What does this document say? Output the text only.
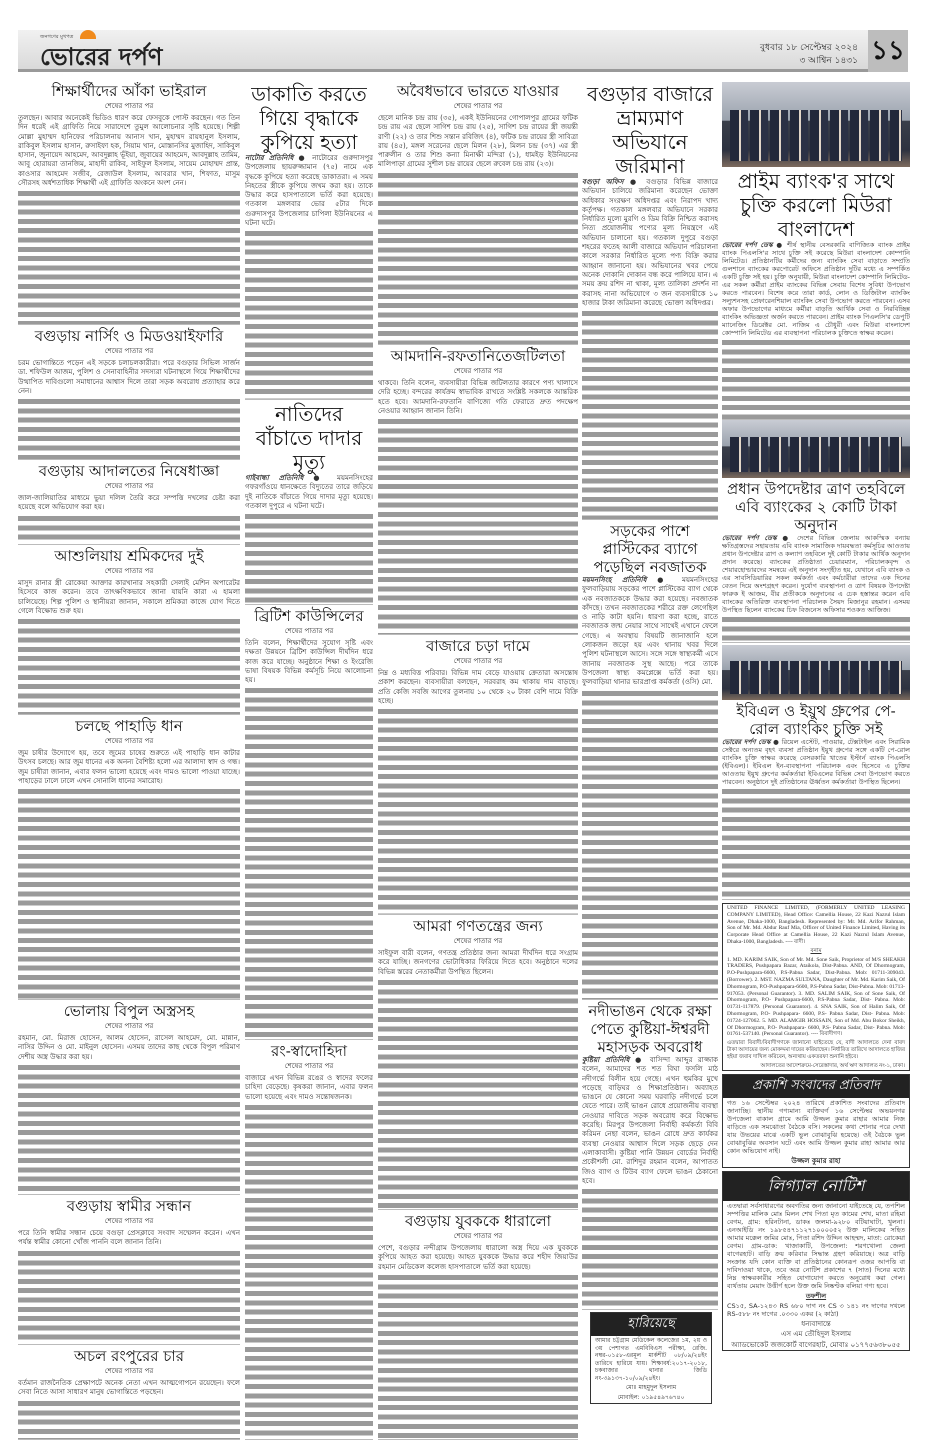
জনগণের মুখপত্র
ভোরের দর্পণ	বুধবার ১৮ সেপ্টেম্বর ২০২৪
৩ আশ্বিন ১৪৩১ ১১
শিক্ষার্থীদের আঁকা ভাইরাল
শেষের পাতার পর

তুলছেন। আবার অনেকেই ভিডিও ধারণ করে ফেসবুকে পোস্ট করছেন। গত তিন দিন ধরেই এই গ্রাফিতি নিয়ে সারাদেশে তুমুল আলোচনার সৃষ্টি হয়েছে। শিল্পী মোল্লা মুহাম্মদ হানিফের পরিচালনায় আনাস খান, মুহাম্মদ রায়হানুল ইসলাম, রাকিবুল ইসলাম হাসান, রুসাইফা হক, সিয়াম খান, মোস্তানসির মুজাহিদ, সাকিবুল হাসান, জুনায়েদ আহমেদ, আবদুল্লাহ ভূঁইয়া, জুবায়ের আহমেদ, আবদুল্লাহ তামিম, আবু হোরায়রা তানজিম, মাহাদী রাকিব, সাইফুল ইসলাম, সায়েম মোহাম্মদ প্রান্ত, কাওসার আহমেদ সজীব, রেজাউল ইসলাম, আবরার খান, শিফাত, মাসুম সৌরসহ অর্ধশতাধিক শিক্ষার্থী এই গ্রাফিতি অংকনে অংশ নেন।

বগুড়ায় নার্সিং ও মিডওয়াইফারি
শেষের পাতার পর

চরম ভোগান্তিতে পড়েন এই সড়কে চলাচলকারীরা। পরে বগুড়ার সিভিল সার্জন ডা. শফিউল আজম, পুলিশ ও সেনাবাহিনীর সদস্যরা ঘটনাস্থলে গিয়ে শিক্ষার্থীদের উত্থাপিত দাবিগুলো সমাধানের আশ্বাস দিলে তারা সড়ক অবরোধ প্রত্যাহার করে নেন।

বগুড়ায় আদালতের নিষেধাজ্ঞা
শেষের পাতার পর

জাল-জালিয়াতির মাধ্যমে ভুয়া দলিল তৈরি করে সম্পত্তি দখলের চেষ্টা করা হয়েছে বলে অভিযোগ করা হয়।

আশুলিয়ায় শ্রমিকদের দুই
শেষের পাতার পর

মাসুদ রানার স্ত্রী রোকেয়া আক্তার কারখানার সহকারী সেলাই মেশিন অপারেটর হিসেবে কাজ করেন। তবে তাৎক্ষণিকভাবে জানা যায়নি কারা এ হামলা চালিয়েছে। শিল্প পুলিশ ও স্থানীয়রা জানান, সকালে শ্রমিকরা কাজে যোগ দিতে গেলে বিক্ষোভ শুরু হয়।

চলছে পাহাড়ি ধান
শেষের পাতার পর

জুম চাষীর উদ্যোগে হয়, তবে জুমের চাষের শুরুতে এই পাহাড়ি ধান কাটার উৎসব চলছে। আর জুম ধানের এক অনন্য বৈশিষ্ট্য হলো এর আলাদা স্বাদ ও গন্ধ। জুম চাষীরা জানান, এবার ফলন ভালো হয়েছে এবং দামও ভালো পাওয়া যাচ্ছে। পাহাড়ের ঢালে ঢালে এখন সোনালি ধানের সমারোহ।

ভোলায় বিপুল অস্ত্রসহ
শেষের পাতার পর

রহমান, মো. মিরাজ হোসেন, আলম হোসেন, রাসেল আহমেদ, মো. মান্নান, নাসির উদ্দিন ও মো. মাইনুল হোসেন। এসময় তাদের কাছ থেকে বিপুল পরিমাণ দেশীয় অস্ত্র উদ্ধার করা হয়।

বগুড়ায় স্বামীর সন্ধান
শেষের পাতার পর

পরে তিনি স্বামীর সন্ধান চেয়ে বগুড়া প্রেসক্লাবে সংবাদ সম্মেলন করেন। এখন পর্যন্ত স্বামীর কোনো খোঁজ পাননি বলে জানান তিনি।

অচল রংপুরের চার
শেষের পাতার পর

বর্তমান রাজনৈতিক প্রেক্ষাপটে অনেক নেতা এখন আত্মগোপনে রয়েছেন। ফলে সেবা নিতে আসা সাধারণ মানুষ ভোগান্তিতে পড়ছেন।

ডাকাতি করতে গিয়ে বৃদ্ধাকে কুপিয়ে হত্যা

নাটোর প্রতিনিধি ● নাটোরের গুরুদাসপুর উপজেলায় ছায়রুজ্জামান (৭৫) নামে এক বৃদ্ধকে কুপিয়ে হত্যা করেছে ডাকাতরা। এ সময় নিহতের স্ত্রীকে কুপিয়ে জখম করা হয়। তাকে উদ্ধার করে হাসপাতালে ভর্তি করা হয়েছে। গতকাল মঙ্গলবার ভোর ৫টার দিকে গুরুদাসপুর উপজেলার চাপিলা ইউনিয়নের এ ঘটনা ঘটে।

নাতিদের বাঁচাতে দাদার মৃত্যু

গাইবান্ধা প্রতিনিধি ● ময়মনসিংহের গফরগাঁওয়ে ধানক্ষেতে বিদ্যুতের তারে জড়িয়ে দুই নাতিকে বাঁচাতে গিয়ে দাদার মৃত্যু হয়েছে। গতকাল দুপুরে এ ঘটনা ঘটে।

ব্রিটিশ কাউন্সিলের
শেষের পাতার পর

তিনি বলেন, শিক্ষার্থীদের সুযোগ সৃষ্টি এবং দক্ষতা উন্নয়নে ব্রিটিশ কাউন্সিল দীর্ঘদিন ধরে কাজ করে যাচ্ছে। অনুষ্ঠানে শিক্ষা ও ইংরেজি ভাষা বিষয়ক বিভিন্ন কর্মসূচি নিয়ে আলোচনা হয়।

রং-স্বাদোহিদা
শেষের পাতার পর

বাজারে এখন বিভিন্ন রঙের ও স্বাদের ফলের চাহিদা বেড়েছে। কৃষকরা জানান, এবার ফলন ভালো হয়েছে এবং দামও সন্তোষজনক।

অবৈধভাবে ভারতে যাওয়ার
শেষের পাতার পর

ছেলে মানিক চন্দ্র রায় (৩৫), একই ইউনিয়নের গোপালপুর গ্রামের ফটিক চন্দ্র রায় এর ছেলে সাগিশ চন্দ্র রায় (২৫), সাগিশ চন্দ্র রায়ের স্ত্রী জয়ন্তী রাণী (২২) ও তার শিশু সন্তান রবিজিৎ (৪), ফটিক চন্দ্র রায়ের স্ত্রী সাবিত্রা রায় (৪৫), মঙ্গল সরেনের ছেলে মিলন (২৮), মিলন চন্দ্র (৩৭) এর স্ত্রী পারুলীন ও তার শিশু কন্যা মিনাক্ষী মন্দিরা (১), ধামইড় ইউনিয়নের মালিপাড়া গ্রামের সুশীল চন্দ্র রায়ের ছেলে রুবেল চন্দ্র রায় (২৩)।

আমদানি-রফতানিতেজটিলতা
শেষের পাতার পর

থাকবে। তিনি বলেন, ব্যবসায়ীরা বিভিন্ন জটিলতার কারণে পণ্য খালাসে দেরি হচ্ছে। বন্দরের কার্যক্রম স্বাভাবিক রাখতে সংশ্লিষ্ট সকলকে আন্তরিক হতে হবে। আমদানি-রফতানি বাণিজ্যে গতি ফেরাতে দ্রুত পদক্ষেপ নেওয়ার আহ্বান জানান তিনি।

বাজারে চড়া দামে
শেষের পাতার পর

নিম্ন ও মধ্যবিত্ত পরিবার। বিভিন্ন দাম বেড়ে যাওয়ায় ক্রেতারা অসন্তোষ প্রকাশ করছেন। ব্যবসায়ীরা বলছেন, সরবরাহ কম থাকায় দাম বাড়ছে। প্রতি কেজি সবজি আগের তুলনায় ১০ থেকে ২০ টাকা বেশি দামে বিক্রি হচ্ছে।

আমরা গণতন্ত্রের জন্য
শেষের পাতার পর

সাইফুল বারী বলেন, গণতন্ত্র প্রতিষ্ঠার জন্য আমরা দীর্ঘদিন ধরে সংগ্রাম করে যাচ্ছি। জনগণের ভোটাধিকার ফিরিয়ে দিতে হবে। অনুষ্ঠানে দলের বিভিন্ন স্তরের নেতাকর্মীরা উপস্থিত ছিলেন।

বগুড়ায় যুবককে ধারালো
শেষের পাতার পর

পেশে, বগুড়ার নন্দীগ্রাম উপজেলায় ধারালো অস্ত্র দিয়ে এক যুবককে কুপিয়ে আহত করা হয়েছে। আহত যুবককে উদ্ধার করে শহীদ জিয়াউর রহমান মেডিকেল কলেজ হাসপাতালে ভর্তি করা হয়েছে।

বগুড়ার বাজারে ভ্রাম্যমাণ অভিযানে জরিমানা

বগুড়া অফিস ● বগুড়ার বিভিন্ন বাজারে অভিযান চালিয়ে জরিমানা করেছেন ভোক্তা অধিকার সংরক্ষণ অধিদপ্তর এবং নিরাপদ খাদ্য কর্তৃপক্ষ। গতকাল মঙ্গলবার অভিযানে সরকার নির্ধারিত মূল্যে মুরগি ও ডিম বিক্রি নিশ্চিত করাসহ নিত্য প্রয়োজনীয় পণ্যের মূল্য নিয়ন্ত্রণে এই অভিযান চালানো হয়। গতকাল দুপুরে বগুড়া শহরের ফতেহ আলী বাজারে অভিযান পরিচালনা কালে সরকার নির্ধারিত মূল্যে পণ্য বিক্রি করার আহ্বান জানানো হয়। অভিযানের খবর পেয়ে অনেক দোকানি দোকান বন্ধ করে পালিয়ে যান। এ সময় ক্রয় রশিদ না থাকা, মূল্য তালিকা প্রদর্শন না করাসহ নানা অভিযোগে ৩ জন ব্যবসায়ীকে ১০ হাজার টাকা জরিমানা করেছে ভোক্তা অধিদপ্তর।

সড়কের পাশে প্লাস্টিকের ব্যাগে পড়েছিল নবজাতক

ময়মনসিংহ প্রতিনিধি ● ময়মনসিংহের ফুলবাড়িয়ায় সড়কের পাশে প্লাস্টিকের ব্যাগ থেকে এক নবজাতককে উদ্ধার করা হয়েছে। নবজাতক কাঁদছে। তখন নবজাতকের শরীরে রক্ত লেগেছিল ও নাড়ি কাটা হয়নি। ধারণা করা হচ্ছে, রাতে নবজাতক জন্ম নেয়ার সাথে সাথেই এখানে ফেলে গেছে। এ অবস্থায় বিষয়টি জানাজানি হলে লোকজন জড়ো হয় এবং থানায় খবর দিলে পুলিশ ঘটনাস্থলে আসে। সঙ্গে সঙ্গে স্বাস্থ্যকর্মী এসে জানায় নবজাতক সুস্থ আছে। পরে তাকে উপজেলা স্বাস্থ্য কমপ্লেক্সে ভর্তি করা হয়। ফুলবাড়িয়া থানার ভারপ্রাপ্ত কর্মকর্তা (ওসি) মো.

নদীভাঙন থেকে রক্ষা পেতে কুষ্টিয়া-ঈশ্বরদী মহাসড়ক অবরোধ

কুষ্টিয়া প্রতিনিধি ● বাসিন্দা আব্দুর রাজ্জাক বলেন, আমাদের শত শত বিঘা ফসলি মাঠ নদীগর্ভে বিলীন হয়ে গেছে। এখন হুমকির মুখে পড়েছে বাড়িঘর ও শিক্ষাপ্রতিষ্ঠান। অব্যাহত ভাঙনে যে কোনো সময় ঘরবাড়ি নদীগর্ভে চলে যেতে পারে। তাই ভাঙন রোধে প্রয়োজনীয় ব্যবস্থা নেওয়ার দাবিতে সড়ক অবরোধ করে বিক্ষোভ করেছি। মিরপুর উপজেলা নির্বাহী কর্মকর্তা বিবি করিমন নেছা বলেন, ভাঙন রোধে দ্রুত কার্যকর ব্যবস্থা নেওয়ার আশ্বাস দিলে সড়ক ছেড়ে দেন এলাকাবাসী। কুষ্টিয়া পানি উন্নয়ন বোর্ডের নির্বাহী প্রকৌশলী মো. রাশিদুর রহমান বলেন, আপাতত জিও ব্যাগ ও টিউব ব্যাগ ফেলে ভাঙন ঠেকানো হবে।

প্রাইম ব্যাংক'র সাথে চুক্তি করলো মিউরা বাংলাদেশ

ভোরের দর্পণ ডেস্ক ● শীর্ষ স্থানীয় বেসরকারি বাণিজ্যিক ব্যাংক প্রাইম ব্যাংক পিএলসি'র সাথে চুক্তি সই করেছে মিউরা বাংলাদেশ কোম্পানি লিমিটেড। প্রতিষ্ঠানটির কর্মীদের জন্য ব্যাংকিং সেবা বাড়াতে সম্প্রতি গুলশানে ব্যাংকের করপোরেট অফিসে প্রতিষ্ঠান দুটির মধ্যে এ সম্পর্কিত একটি চুক্তি সই হয়। চুক্তি অনুযায়ী, মিউরা বাংলাদেশ কোম্পানি লিমিটেড-এর সকল কর্মীরা প্রাইম ব্যাংকের বিভিন্ন সেবায় বিশেষ সুবিধা উপভোগ করতে পারবেন। বিশেষ করে তারা কার্ড, লোন ও ডিজিটাল ব্যাংকিং সল্যুশনসহ প্রেফারেনশিয়াল ব্যাংকিং সেবা উপভোগ করতে পারবেন। এসব অফার উপভোগের মাধ্যমে কর্মীরা বাড়তি আর্থিক সেবা ও নিরবিচ্ছিন্ন ব্যাংকিং অভিজ্ঞতা অর্জন করতে পারবেন। প্রাইম ব্যাংক পিএলসি'র ডেপুটি ম্যানেজিং ডিরেক্টর মো. নাজিম এ চৌধুরী এবং মিউরা বাংলাদেশ কোম্পানি লিমিটেড এর ব্যবস্থাপনা পরিচালক চুক্তিতে স্বাক্ষর করেন।

প্রধান উপদেষ্টার ত্রাণ তহবিলে এবি ব্যাংকের ২ কোটি টাকা অনুদান

ভোরের দর্পণ ডেস্ক ● দেশের বিভিন্ন জেলায় আকস্মিক বন্যায় ক্ষতিগ্রস্তদের সহায়তায় এবি ব্যাংক সামাজিক দায়বদ্ধতা কর্মসূচির আওতায় প্রধান উপদেষ্টার ত্রাণ ও কল্যাণ তহবিলে দুই কোটি টাকার আর্থিক অনুদান প্রদান করেছে। ব্যাংকের প্রতিষ্ঠাতা চেয়ারম্যান, পরিচালকবৃন্দ ও শেয়ারহোল্ডারদের সমন্বয়ে এই অনুদান সংগৃহীত হয়, যেখানে এবি ব্যাংক ও এর সাবসিডিয়ারির সকল কর্মকর্তা এবং কর্মচারীরা তাদের এক দিনের বেতন দিয়ে অংশগ্রহণ করেন। দুর্যোগ ব্যবস্থাপনা ও ত্রাণ বিষয়ক উপদেষ্টা ফারুক ই আজম, বীর প্রতীককে অনুদানের এ চেক হস্তান্তর করেন এবি ব্যাংকের অতিরিক্ত ব্যবস্থাপনা পরিচালক সৈয়দ মিজানুর রহমান। এসময় উপস্থিত ছিলেন ব্যাংকের চিফ বিজনেস অফিসার শওকত আজিজ।

ইবিএল ও ইয়ুথ গ্রুপের পে-রোল ব্যাংকিং চুক্তি সই

ভোরের দর্পণ ডেস্ক ● রিয়েল এস্টেট, পাওয়ার, টেক্সটাইল এবং সিরামিক সেক্টরে অন্যতম বৃহৎ ব্যবসা প্রতিষ্ঠান ইয়ুথ গ্রুপের সঙ্গে একটি পে-রোল ব্যাংকিং চুক্তি স্বাক্ষর করেছে বেসরকারি খাতের ইস্টার্ন ব্যাংক পিএলসি (ইবিএল)। ইবিএল ইন-ব্যবস্থাপনা পরিচালক এবং হিসেবে এ চুক্তির আওতায় ইয়ুথ গ্রুপের কর্মকর্তারা ইবিএলের বিভিন্ন সেবা উপভোগ করতে পারবেন। অনুষ্ঠানে দুই প্রতিষ্ঠানের ঊর্ধ্বতন কর্মকর্তারা উপস্থিত ছিলেন।

UNITED FINANCE LIMITED, (FORMERLY UNITED LEASING COMPANY LIMITED), Head Office: Camellia House, 22 Kazi Nazrul Islam Avenue, Dhaka-1000, Bangladesh. Represented by: Mr. Md. Arifor Rahman, Son of Mr. Md. Abdur Rauf Mia, Officer of United Finance Limited, Having its Corporate Head Office at Camellia House, 22 Kazi Nazrul Islam Avenue, Dhaka-1000, Bangladesh. ---- বাদী।

বনাম

1. MD. KARIM SAIK, Son of Mr. Md. Sone Saik, Proprietor of M/S SHEAKH TRADERS, Pushpapara Bazar, Ataikola, Dist-Pabna. AND, Of Dhormogram, P.O-Pushpapara-6600, P.S-Pabna Sadar, Dist-Pabna. Mob: 01711-309043. (Borrower). 2. MST. NAZMA SULTANA, Daughter of Mr. Md. Karim Saik, Of Dhormogram, P.O-Pushpapara-6600, P.S-Pabna Sadar, Dist-Pabna. Mob: 01713-917053. (Personal Guarantor). 3. MD. SALIM SAIK, Son of Sone Saik, Of Dhormogram, P.O- Pushpapara-6600, P.S-Pabna Sadar, Dist- Pabna. Mob: 01731-117879. (Personal Guarantor). 4. SNA SAIK, Son of Halim Saik, Of Dhormogram, P.O- Pushpapara- 6600, P.S- Pabna Sadar, Dist- Pabna. Mob: 01724-127062. 5. MD. ALAMGIR HOSSAIN, Son of Md. Abu Bokor Sheikh, Of Dhormogram, P.O- Pushpapara- 6600, P.S- Pabna Sadar, Dist- Pabna. Mob: 01761-537140. (Personal Guarantor). ---- বিবাদীগণ।

এতদ্বারা বিবাদী/বিবাদীগণকে জানানো যাইতেছে যে, বাদী আদালতে দেনা বাবদ টাকা আদায়ের জন্য মোকদ্দমা দায়ের করিয়াছেন। নির্ধারিত তারিখে আদালতে হাজির হইয়া জবাব দাখিল করিবেন, অন্যথায় একতরফা শুনানি হইবে।

আদালতের আদেশক্রমে-সেরেস্তাদার, অর্থ ঋণ আদালত নং-১, ঢাকা।

প্রকাশি সংবাদের প্রতিবাদ

গত ১৬ সেপ্টেম্বর ২০২৪ তারিখে প্রকাশিত সংবাদের প্রতিবাদ জানাচ্ছি। স্থানীয় গণ্যমান্য ব্যক্তিবর্গ ১৬ সেপ্টেম্বর অভয়নগর উপজেলা বাকাল গ্রামে আমি উজ্জল কুমার রাহার আমার নিজ বাড়িতে এক সমঝোতা বৈঠকে বসি। সকলের কথা শোনার পরে দেখা যায় উভয়ের মাঝে একটি ভুল বোঝাবুঝি হয়েছে। ওই বৈঠকে ভুল বোঝাবুঝির অবসান ঘটে এবং আমি উজ্জল কুমার রাহা আমার আর কোন অভিযোগ নাই।

উজ্জল কুমার রাহা

লিগ্যাল নোটিশ

এতদ্বারা সর্বসাধারণের অবগতির জন্য জানানো যাইতেছে যে, তপশিল সম্পত্তির মালিক মোঃ মিলন শেখ পিতা মৃত কামের শেখ, মাতা রহিমা বেগম, গ্রাম: হরিনটানা, ডাকঃ জলমা-৯২৮০ বটিয়াঘাটা, খুলনা। এনআইডি নং ১৯৮৫৪৭১১২৭১০০০০৫২ উক্ত মালিকের সহিত আমার মক্কেল জমির মোঃ, পিতা রশিদ উদ্দিন আহম্মদ, মাতা: রোকেয়া বেগম। গ্রাম-ডাক: খাজাকাটি, উপজেলা: শরণখোলা জেলা বাগেরহাট। বাড়ি ক্রয় করিবার সিদ্ধান্ত গ্রহণ করিয়াছে। অত্র বাড়ি সংক্রান্ত যদি কোন ব্যক্তি বা প্রতিষ্ঠানের কোনরূপ ওজর আপত্তি বা দাবিদাওয়া থাকে, তবে অত্র নোটিশ প্রকাশের ৭ (সাত) দিনের মধ্যে নিম্ন স্বাক্ষরকারীর সহিত যোগাযোগ করতে অনুরোধ করা গেল। ব্যর্থতায় মেয়াদ উত্তীর্ণ হলে উক্ত জমি নিষ্কণ্টক বলিয়া গণ্য হবে।

তফশীল

CS১৫, SA-১২৪৩ RS ৬৮০ দাগ নং CS ৩ ১৪১ নং দাগের দখলে RS-৫৮৮ নং দাগের .০৩৩০ একর (২ কাঠা)

ধন্যবাদান্তে

এস এম তৌহিদুল ইসলাম

অ্যাডভোকেট জজকোর্ট বাগেরহাট, মোবাঃ ০১৭৭৫৬৩৮০৫৫

হারিয়েছে

আমার চট্টগ্রাম মেডিকেল কলেজের ১ম, ২য় ও ৩য় পেশাগত এমবিবিএস পরীক্ষা, রেজি. নম্বর-০১৫৮-এরমূল মার্কশীট ০৮/০৯/২৪ইং তারিখে হারিয়ে যায়। শিক্ষাবর্ষ:২০১৭-২০১৮, চকবাজার থানার জিডি নং-৩৯১৩৭-১০/০৯/২৪ইং।

মোঃ মাহমুদুল ইসলাম

মোবাইল: ০১৯৫৪৯৭৬৭৪০
